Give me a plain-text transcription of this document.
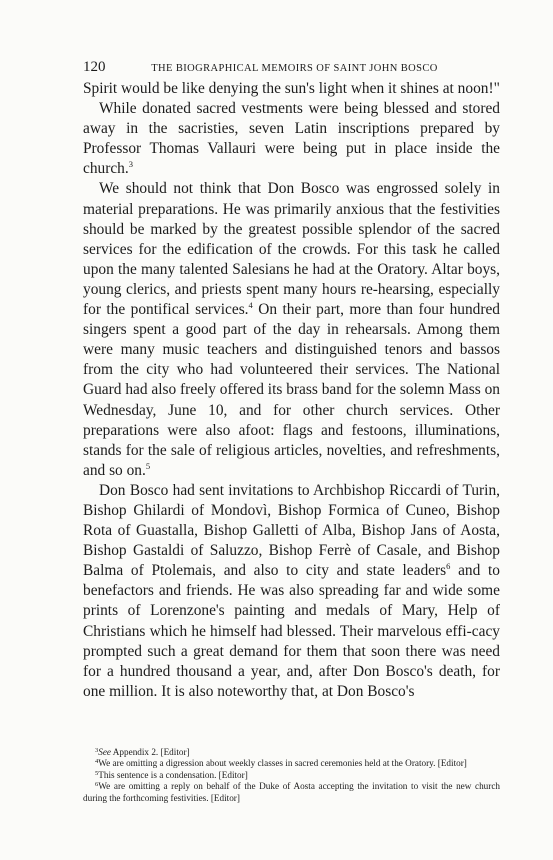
120	THE BIOGRAPHICAL MEMOIRS OF SAINT JOHN BOSCO

Spirit would be like denying the sun's light when it shines at noon!"

While donated sacred vestments were being blessed and stored away in the sacristies, seven Latin inscriptions prepared by Professor Thomas Vallauri were being put in place inside the church.$^3$

We should not think that Don Bosco was engrossed solely in material preparations. He was primarily anxious that the festivities should be marked by the greatest possible splendor of the sacred services for the edification of the crowds. For this task he called upon the many talented Salesians he had at the Oratory. Altar boys, young clerics, and priests spent many hours re-hearsing, especially for the pontifical services.$^4$ On their part, more than four hundred singers spent a good part of the day in rehearsals. Among them were many music teachers and distinguished tenors and bassos from the city who had volunteered their services. The National Guard had also freely offered its brass band for the solemn Mass on Wednesday, June 10, and for other church services. Other preparations were also afoot: flags and festoons, illuminations, stands for the sale of religious articles, novelties, and refreshments, and so on.$^5$

Don Bosco had sent invitations to Archbishop Riccardi of Turin, Bishop Ghilardi of Mondovì, Bishop Formica of Cuneo, Bishop Rota of Guastalla, Bishop Galletti of Alba, Bishop Jans of Aosta, Bishop Gastaldi of Saluzzo, Bishop Ferrè of Casale, and Bishop Balma of Ptolemais, and also to city and state leaders$^6$ and to benefactors and friends. He was also spreading far and wide some prints of Lorenzone's painting and medals of Mary, Help of Christians which he himself had blessed. Their marvelous effi-cacy prompted such a great demand for them that soon there was need for a hundred thousand a year, and, after Don Bosco's death, for one million. It is also noteworthy that, at Don Bosco's

$^3$See Appendix 2. [Editor]

$^4$We are omitting a digression about weekly classes in sacred ceremonies held at the Oratory. [Editor]

$^5$This sentence is a condensation. [Editor]

$^6$We are omitting a reply on behalf of the Duke of Aosta accepting the invitation to visit the new church during the forthcoming festivities. [Editor]
